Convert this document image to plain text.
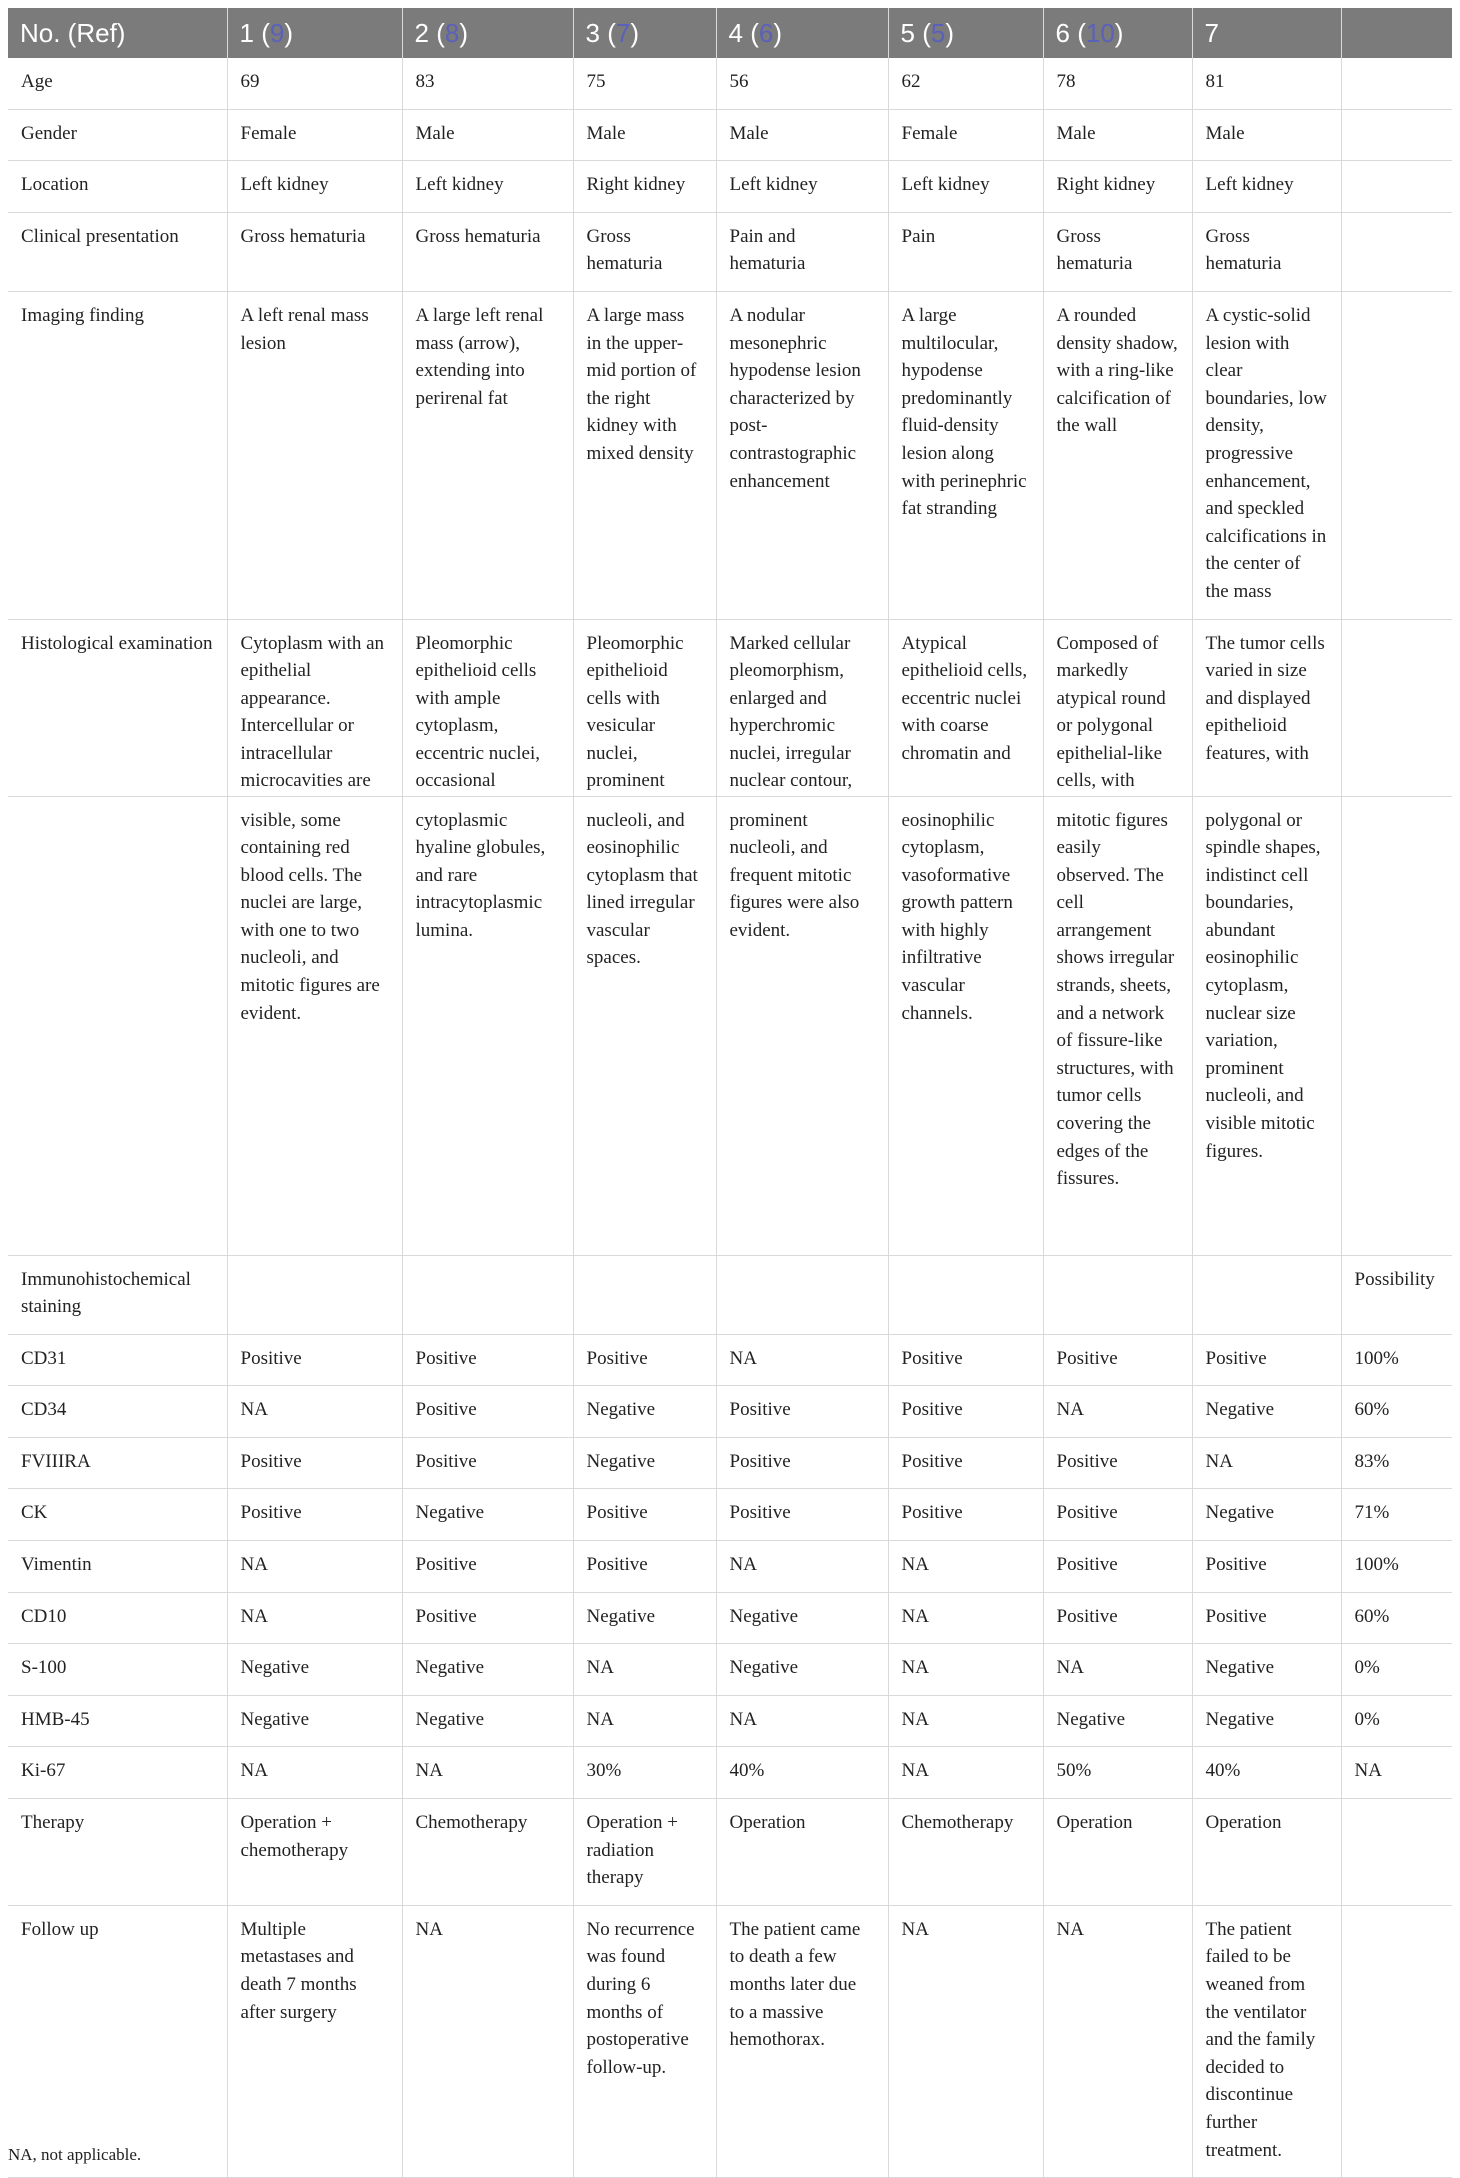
No. (Ref)	1 (9)	2 (8)	3 (7)	4 (6)	5 (5)	6 (10)	7	
Age	69	83	75	56	62	78	81	
Gender	Female	Male	Male	Male	Female	Male	Male	
Location	Left kidney	Left kidney	Right kidney	Left kidney	Left kidney	Right kidney	Left kidney	
Clinical presentation	Gross hematuria	Gross hematuria	Gross hematuria	Pain and hematuria	Pain	Gross hematuria	Gross hematuria	
Imaging finding	A left renal mass lesion	A large left renal mass (arrow), extending into perirenal fat	A large mass in the upper-mid portion of the right kidney with mixed density	A nodular mesonephric hypodense lesion characterized by post-contrastographic enhancement	A large multilocular, hypodense predominantly fluid-density lesion along with perinephric fat stranding	A rounded density shadow, with a ring-like calcification of the wall	A cystic-solid lesion with clear boundaries, low density, progressive enhancement, and speckled calcifications in the center of the mass	

Histological examination	Cytoplasm with an epithelial appearance. Intercellular or intracellular microcavities are	Pleomorphic epithelioid cells with ample cytoplasm, eccentric nuclei, occasional	Pleomorphic epithelioid cells with vesicular nuclei, prominent	Marked cellular pleomorphism, enlarged and hyperchromic nuclei, irregular nuclear contour,	Atypical epithelioid cells, eccentric nuclei with coarse chromatin and	Composed of markedly atypical round or polygonal epithelial-like cells, with	The tumor cells varied in size and displayed epithelioid features, with	

	visible, some containing red blood cells. The nuclei are large, with one to two nucleoli, and mitotic figures are evident.	cytoplasmic hyaline globules, and rare intracytoplasmic lumina.	nucleoli, and eosinophilic cytoplasm that lined irregular vascular spaces.	prominent nucleoli, and frequent mitotic figures were also evident.	eosinophilic cytoplasm, vasoformative growth pattern with highly infiltrative vascular channels.	mitotic figures easily observed. The cell arrangement shows irregular strands, sheets, and a network of fissure-like structures, with tumor cells covering the edges of the fissures.	polygonal or spindle shapes, indistinct cell boundaries, abundant eosinophilic cytoplasm, nuclear size variation, prominent nucleoli, and visible mitotic figures.	
Immunohistochemical staining								Possibility
CD31	Positive	Positive	Positive	NA	Positive	Positive	Positive	100%
CD34	NA	Positive	Negative	Positive	Positive	NA	Negative	60%
FVIIIRA	Positive	Positive	Negative	Positive	Positive	Positive	NA	83%
CK	Positive	Negative	Positive	Positive	Positive	Positive	Negative	71%
Vimentin	NA	Positive	Positive	NA	NA	Positive	Positive	100%
CD10	NA	Positive	Negative	Negative	NA	Positive	Positive	60%
S-100	Negative	Negative	NA	Negative	NA	NA	Negative	0%
HMB-45	Negative	Negative	NA	NA	NA	Negative	Negative	0%
Ki-67	NA	NA	30%	40%	NA	50%	40%	NA
Therapy	Operation + chemotherapy	Chemotherapy	Operation + radiation therapy	Operation	Chemotherapy	Operation	Operation	
Follow up	Multiple metastases and death 7 months after surgery	NA	No recurrence was found during 6 months of postoperative follow-up.	The patient came to death a few months later due to a massive hemothorax.	NA	NA	The patient failed to be weaned from the ventilator and the family decided to discontinue further treatment.	
NA, not applicable.
